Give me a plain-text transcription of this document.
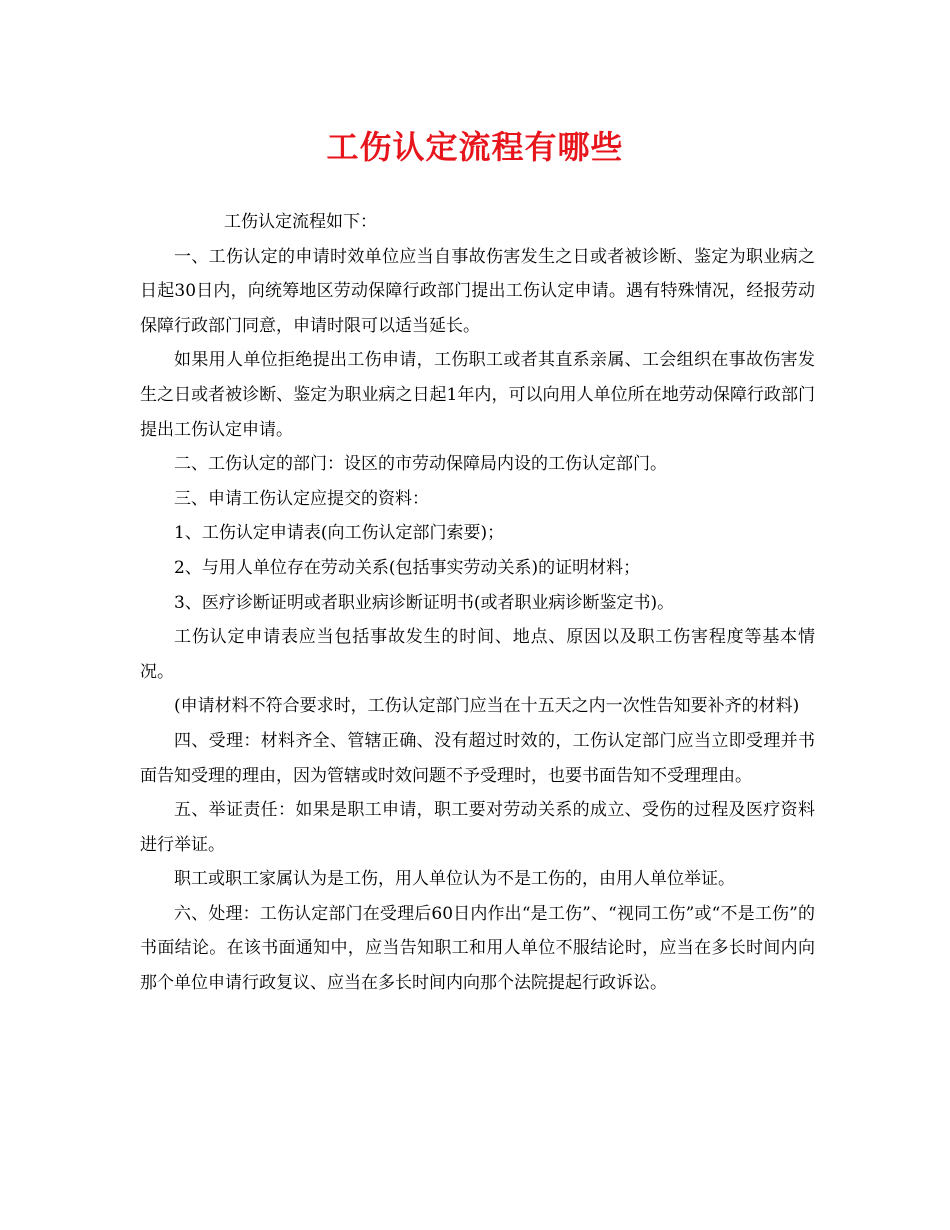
工伤认定流程有哪些

工伤认定流程如下：

一、工伤认定的申请时效单位应当自事故伤害发生之日或者被诊断、鉴定为职业病之日起30日内，向统筹地区劳动保障行政部门提出工伤认定申请。遇有特殊情况，经报劳动保障行政部门同意，申请时限可以适当延长。

如果用人单位拒绝提出工伤申请，工伤职工或者其直系亲属、工会组织在事故伤害发生之日或者被诊断、鉴定为职业病之日起1年内，可以向用人单位所在地劳动保障行政部门提出工伤认定申请。

二、工伤认定的部门：设区的市劳动保障局内设的工伤认定部门。

三、申请工伤认定应提交的资料：

1、工伤认定申请表(向工伤认定部门索要)；

2、与用人单位存在劳动关系(包括事实劳动关系)的证明材料；

3、医疗诊断证明或者职业病诊断证明书(或者职业病诊断鉴定书)。

工伤认定申请表应当包括事故发生的时间、地点、原因以及职工伤害程度等基本情况。

(申请材料不符合要求时，工伤认定部门应当在十五天之内一次性告知要补齐的材料)

四、受理：材料齐全、管辖正确、没有超过时效的，工伤认定部门应当立即受理并书面告知受理的理由，因为管辖或时效问题不予受理时，也要书面告知不受理理由。

五、举证责任：如果是职工申请，职工要对劳动关系的成立、受伤的过程及医疗资料进行举证。

职工或职工家属认为是工伤，用人单位认为不是工伤的，由用人单位举证。

六、处理：工伤认定部门在受理后60日内作出“是工伤”、“视同工伤”或“不是工伤”的书面结论。在该书面通知中，应当告知职工和用人单位不服结论时，应当在多长时间内向那个单位申请行政复议、应当在多长时间内向那个法院提起行政诉讼。
